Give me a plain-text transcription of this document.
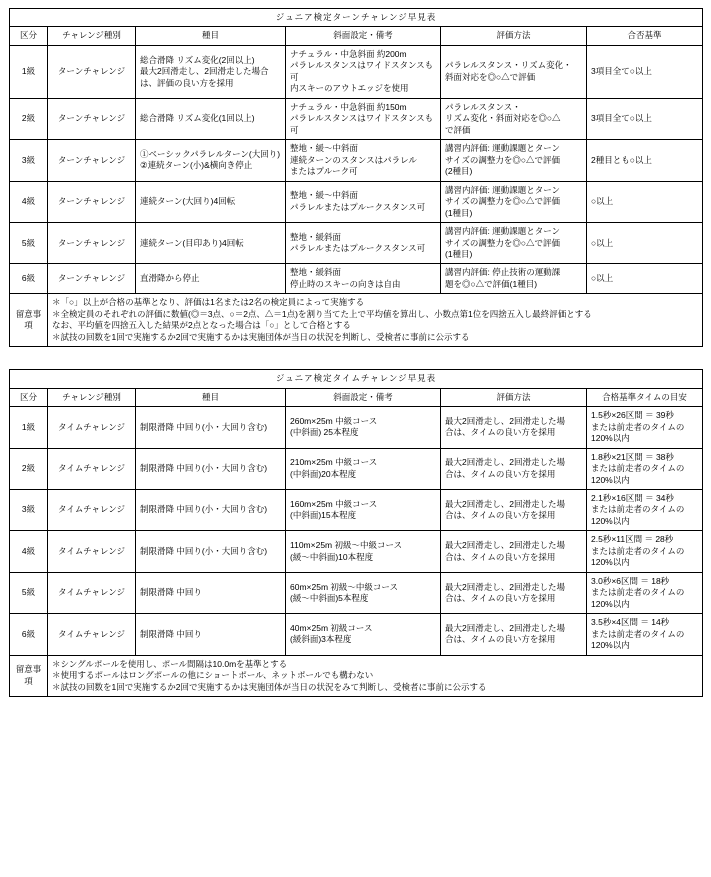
ジュニア検定ターンチャレンジ早見表					
区分	チャレンジ種別	種目	斜面設定・備考	評価方法	合否基準
1級	ターンチャレンジ	総合滑降 リズム変化(2回以上)
最大2回滑走し、2回滑走した場合
は、評価の良い方を採用	ナチュラル・中急斜面 約200m
パラレルスタンスはワイドスタンスも可
内スキーのアウトエッジを使用	パラレルスタンス・リズム変化・
斜面対応を◎○△で評価	3項目全て○以上
2級	ターンチャレンジ	総合滑降 リズム変化(1回以上)	ナチュラル・中急斜面 約150m
パラレルスタンスはワイドスタンスも可	パラレルスタンス・
リズム変化・斜面対応を◎○△
で評価	3項目全て○以上
3級	ターンチャレンジ	①ベーシックパラレルターン(大回り)
②連続ターン(小)&横向き停止	整地・緩～中斜面
連続ターンのスタンスはパラレル
またはプルーク可	講習内評価: 運動課題とターン
サイズの調整力を◎○△で評価
(2種目)	2種目とも○以上
4級	ターンチャレンジ	連続ターン(大回り)4回転	整地・緩～中斜面
パラレルまたはプルークスタンス可	講習内評価: 運動課題とターン
サイズの調整力を◎○△で評価
(1種目)	○以上
5級	ターンチャレンジ	連続ターン(目印あり)4回転	整地・緩斜面
パラレルまたはプルークスタンス可	講習内評価: 運動課題とターン
サイズの調整力を◎○△で評価
(1種目)	○以上
6級	ターンチャレンジ	直滑降から停止	整地・緩斜面
停止時のスキーの向きは自由	講習内評価: 停止技術の運動課
題を◎○△で評価(1種目)	○以上
留意事項	＊「○」以上が合格の基準となり、評価は1名または2名の検定員によって実施する
＊全検定員のそれぞれの評価に数値(◎＝3点、○＝2点、△＝1点)を割り当てた上で平均値を算出し、小数点第1位を四捨五入し最終評価とする
なお、平均値を四捨五入した結果が2点となった場合は「○」として合格とする
＊試技の回数を1回で実施するか2回で実施するかは実施団体が当日の状況を判断し、受検者に事前に公示する				
ジュニア検定タイムチャレンジ早見表					
区分	チャレンジ種別	種目	斜面設定・備考	評価方法	合格基準タイムの目安
1級	タイムチャレンジ	制限滑降 中回り(小・大回り含む)	260m×25m 中級コース
(中斜面) 25本程度	最大2回滑走し、2回滑走した場
合は、タイムの良い方を採用	1.5秒×26区間 ＝ 39秒
または前走者のタイムの
120%以内
2級	タイムチャレンジ	制限滑降 中回り(小・大回り含む)	210m×25m 中級コース
(中斜面)20本程度	最大2回滑走し、2回滑走した場
合は、タイムの良い方を採用	1.8秒×21区間 ＝ 38秒
または前走者のタイムの
120%以内
3級	タイムチャレンジ	制限滑降 中回り(小・大回り含む)	160m×25m 中級コース
(中斜面)15本程度	最大2回滑走し、2回滑走した場
合は、タイムの良い方を採用	2.1秒×16区間 ＝ 34秒
または前走者のタイムの
120%以内
4級	タイムチャレンジ	制限滑降 中回り(小・大回り含む)	110m×25m 初級～中級コース
(緩～中斜面)10本程度	最大2回滑走し、2回滑走した場
合は、タイムの良い方を採用	2.5秒×11区間 ＝ 28秒
または前走者のタイムの
120%以内
5級	タイムチャレンジ	制限滑降 中回り	60m×25m 初級～中級コース
(緩～中斜面)5本程度	最大2回滑走し、2回滑走した場
合は、タイムの良い方を採用	3.0秒×6区間 ＝ 18秒
または前走者のタイムの
120%以内
6級	タイムチャレンジ	制限滑降 中回り	40m×25m 初級コース
(緩斜面)3本程度	最大2回滑走し、2回滑走した場
合は、タイムの良い方を採用	3.5秒×4区間 ＝ 14秒
または前走者のタイムの
120%以内
留意事項	＊シングルポールを使用し、ポール間隔は10.0mを基準とする
＊使用するポールはロングポールの他にショートポール、ネットポールでも構わない
＊試技の回数を1回で実施するか2回で実施するかは実施団体が当日の状況をみて判断し、受検者に事前に公示する				
